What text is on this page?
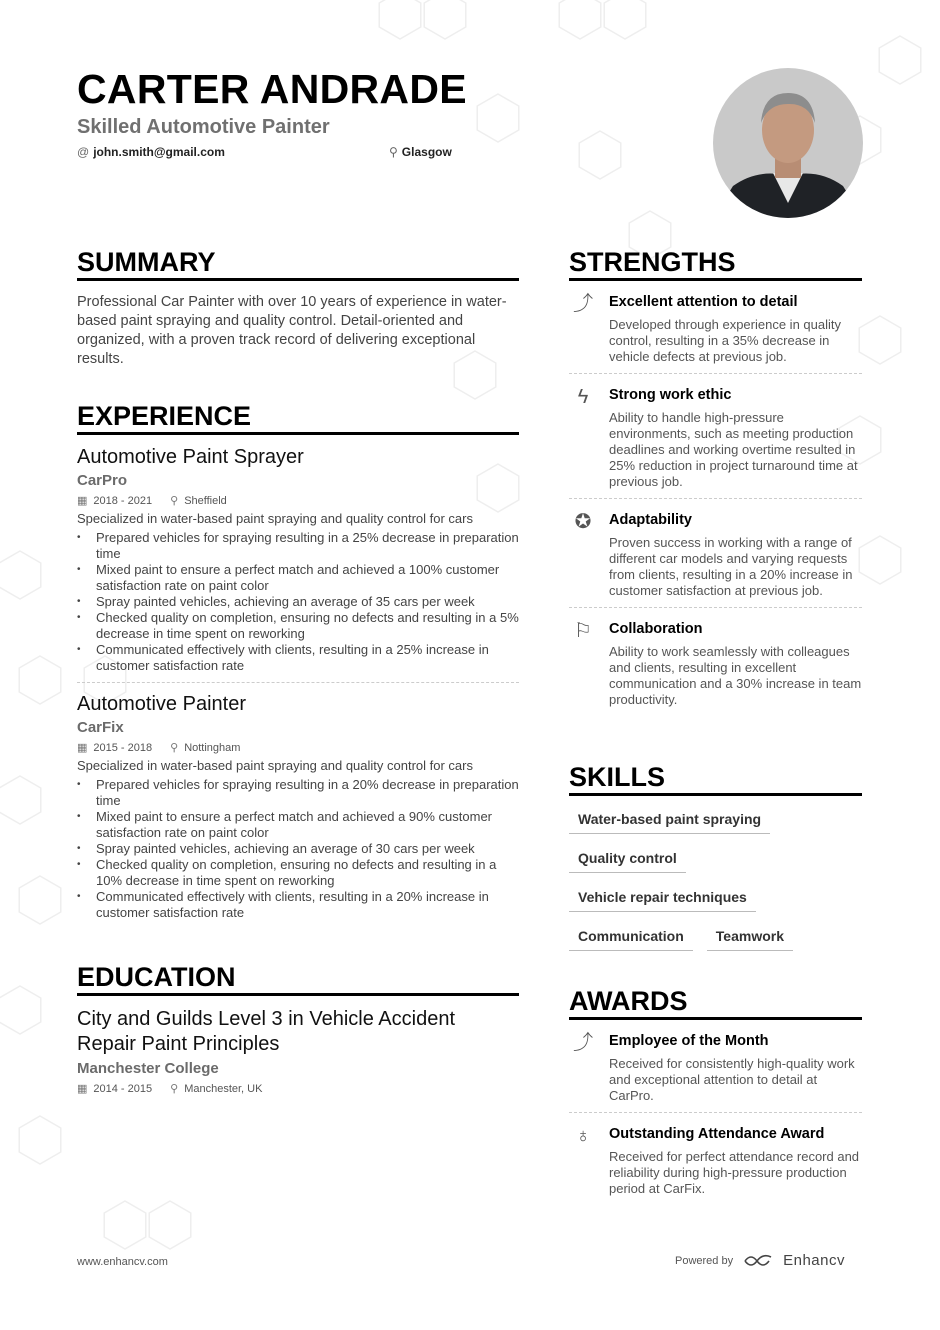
CARTER ANDRADE
Skilled Automotive Painter
@ john.smith@gmail.com	⚲ Glasgow
SUMMARY
Professional Car Painter with over 10 years of experience in water-based paint spraying and quality control. Detail-oriented and organized, with a proven track record of delivering exceptional results.
EXPERIENCE
Automotive Paint Sprayer
CarPro
▦ 2018 - 2021 ⚲ Sheffield
Specialized in water-based paint spraying and quality control for cars
• Prepared vehicles for spraying resulting in a 25% decrease in preparation time
• Mixed paint to ensure a perfect match and achieved a 100% customer satisfaction rate on paint color
• Spray painted vehicles, achieving an average of 35 cars per week
• Checked quality on completion, ensuring no defects and resulting in a 5% decrease in time spent on reworking
• Communicated effectively with clients, resulting in a 25% increase in customer satisfaction rate
Automotive Painter
CarFix
▦ 2015 - 2018 ⚲ Nottingham
Specialized in water-based paint spraying and quality control for cars
• Prepared vehicles for spraying resulting in a 20% decrease in preparation time
• Mixed paint to ensure a perfect match and achieved a 90% customer satisfaction rate on paint color
• Spray painted vehicles, achieving an average of 30 cars per week
• Checked quality on completion, ensuring no defects and resulting in a 10% decrease in time spent on reworking
• Communicated effectively with clients, resulting in a 20% increase in customer satisfaction rate
EDUCATION
City and Guilds Level 3 in Vehicle Accident Repair Paint Principles
Manchester College
▦ 2014 - 2015 ⚲ Manchester, UK
STRENGTHS
⤴ Excellent attention to detail
Developed through experience in quality control, resulting in a 35% decrease in vehicle defects at previous job.
ϟ	Strong work ethic
Ability to handle high-pressure environments, such as meeting production deadlines and working overtime resulted in 25% reduction in project turnaround time at previous job.
✪ Adaptability
Proven success in working with a range of different car models and varying requests from clients, resulting in a 20% increase in customer satisfaction at previous job.
⚐ Collaboration
Ability to work seamlessly with colleagues and clients, resulting in excellent communication and a 30% increase in team productivity.
SKILLS
Water-based paint spraying
Quality control
Vehicle repair techniques
Communication Teamwork
AWARDS
⤴ Employee of the Month
Received for consistently high-quality work and exceptional attention to detail at CarPro.
♁	Outstanding Attendance Award
Received for perfect attendance record and reliability during high-pressure production period at CarFix.
www.enhancv.com	Powered by	Enhancv
